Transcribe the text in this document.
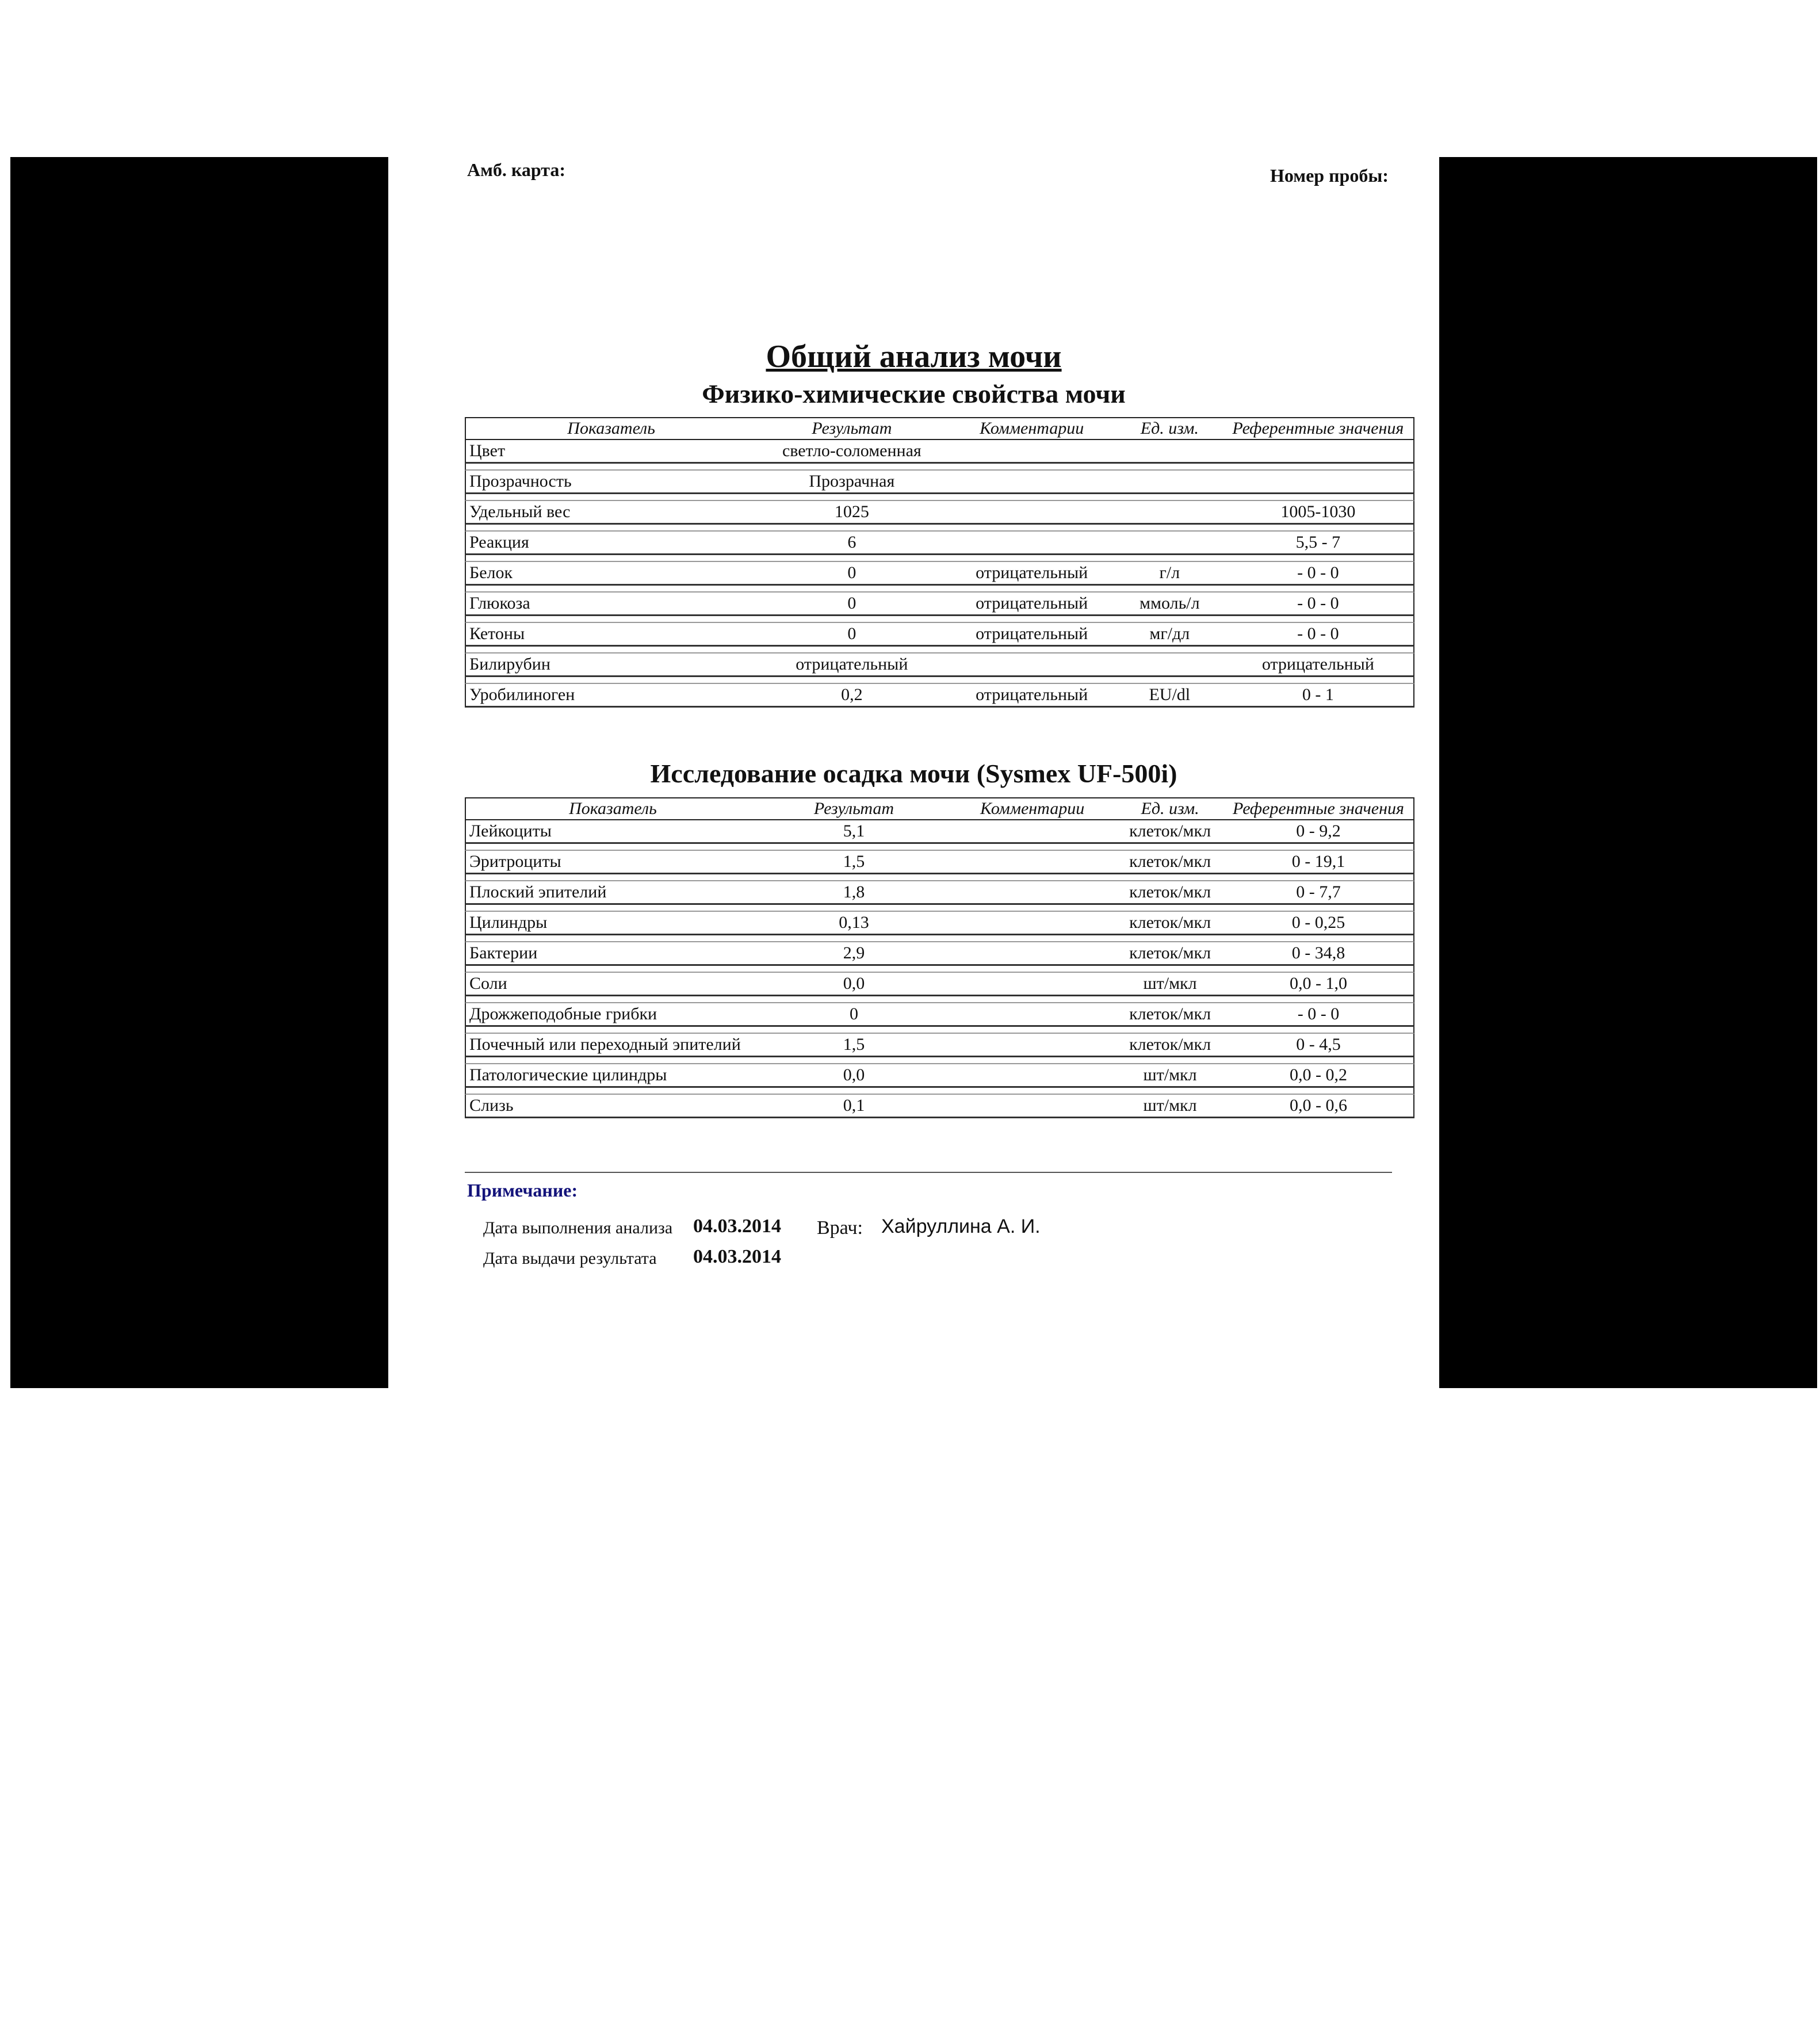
Амб. карта:	Номер пробы:
Общий анализ мочи
Физико-химические свойства мочи
Показатель	Результат	Комментарии	Ед. изм.	Референтные значения
Цвет	светло-соломенная			

Прозрачность	Прозрачная			

Удельный вес	1025			1005-1030

Реакция	6			5,5 - 7

Белок	0	отрицательный	г/л	- 0 - 0

Глюкоза	0	отрицательный	ммоль/л	- 0 - 0

Кетоны	0	отрицательный	мг/дл	- 0 - 0

Билирубин	отрицательный			отрицательный

Уробилиноген	0,2	отрицательный	EU/dl	0 - 1
Исследование осадка мочи (Sysmex UF-500i)
Показатель	Результат	Комментарии	Ед. изм.	Референтные значения
Лейкоциты	5,1		клеток/мкл	0 - 9,2

Эритроциты	1,5		клеток/мкл	0 - 19,1

Плоский эпителий	1,8		клеток/мкл	0 - 7,7

Цилиндры	0,13		клеток/мкл	0 - 0,25

Бактерии	2,9		клеток/мкл	0 - 34,8

Соли	0,0		шт/мкл	0,0 - 1,0

Дрожжеподобные грибки	0		клеток/мкл	- 0 - 0

Почечный или переходный эпителий	1,5		клеток/мкл	0 - 4,5

Патологические цилиндры	0,0		шт/мкл	0,0 - 0,2

Слизь	0,1		шт/мкл	0,0 - 0,6
Примечание:
Дата выполнения анализа 04.03.2014 Врач: Хайруллина А. И.
Дата выдачи результата 04.03.2014
